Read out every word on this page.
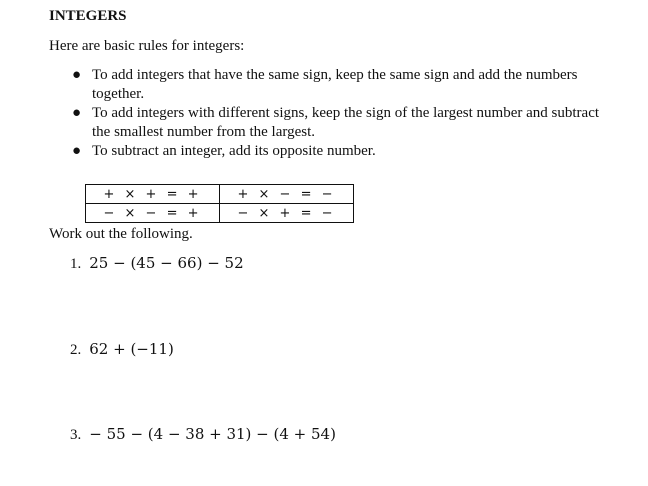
INTEGERS
Here are basic rules for integers:
● To add integers that have the same sign, keep the same sign and add the numbers together.
● To add integers with different signs, keep the sign of the largest number and subtract the smallest number from the largest.
● To subtract an integer, add its opposite number.
+ × + = +	+ × − = −
− × − = +	− × + = −
Work out the following.
1. 25 − (45 − 66) − 52
2. 62 + (−11)
3. − 55 − (4 − 38 + 31) − (4 + 54)
